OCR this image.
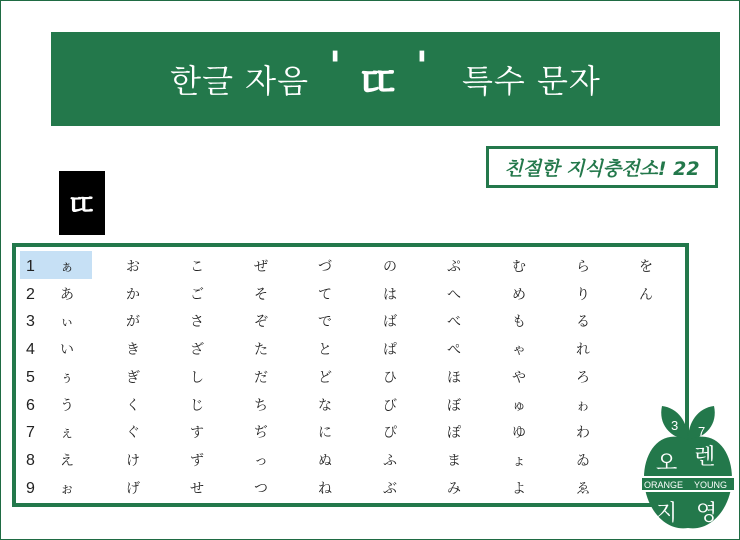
한글 자음 ' ㄸ ' 특수 문자
친절한 지식충전소! 22
ㄸ
1	ぁ	お	こ	ぜ	づ	の	ぷ	む	ら	を
2	あ	か	ご	そ	て	は	へ	め	り	ん
3	ぃ	が	さ	ぞ	で	ば	べ	も	る
4	い	き	ざ	た	と	ぱ	ぺ	ゃ	れ
5	ぅ	ぎ	し	だ	ど	ひ	ほ	や	ろ
6	う	く	じ	ち	な	び	ぼ	ゅ	ゎ
7	ぇ	ぐ	す	ぢ	に	ぴ	ぽ	ゆ	わ
8	え	け	ず	っ	ぬ	ふ	ま	ょ	ゐ
9	ぉ	げ	せ	つ	ね	ぶ	み	よ	ゑ
3 7
오 렌
ORANGE YOUNG
지 영
